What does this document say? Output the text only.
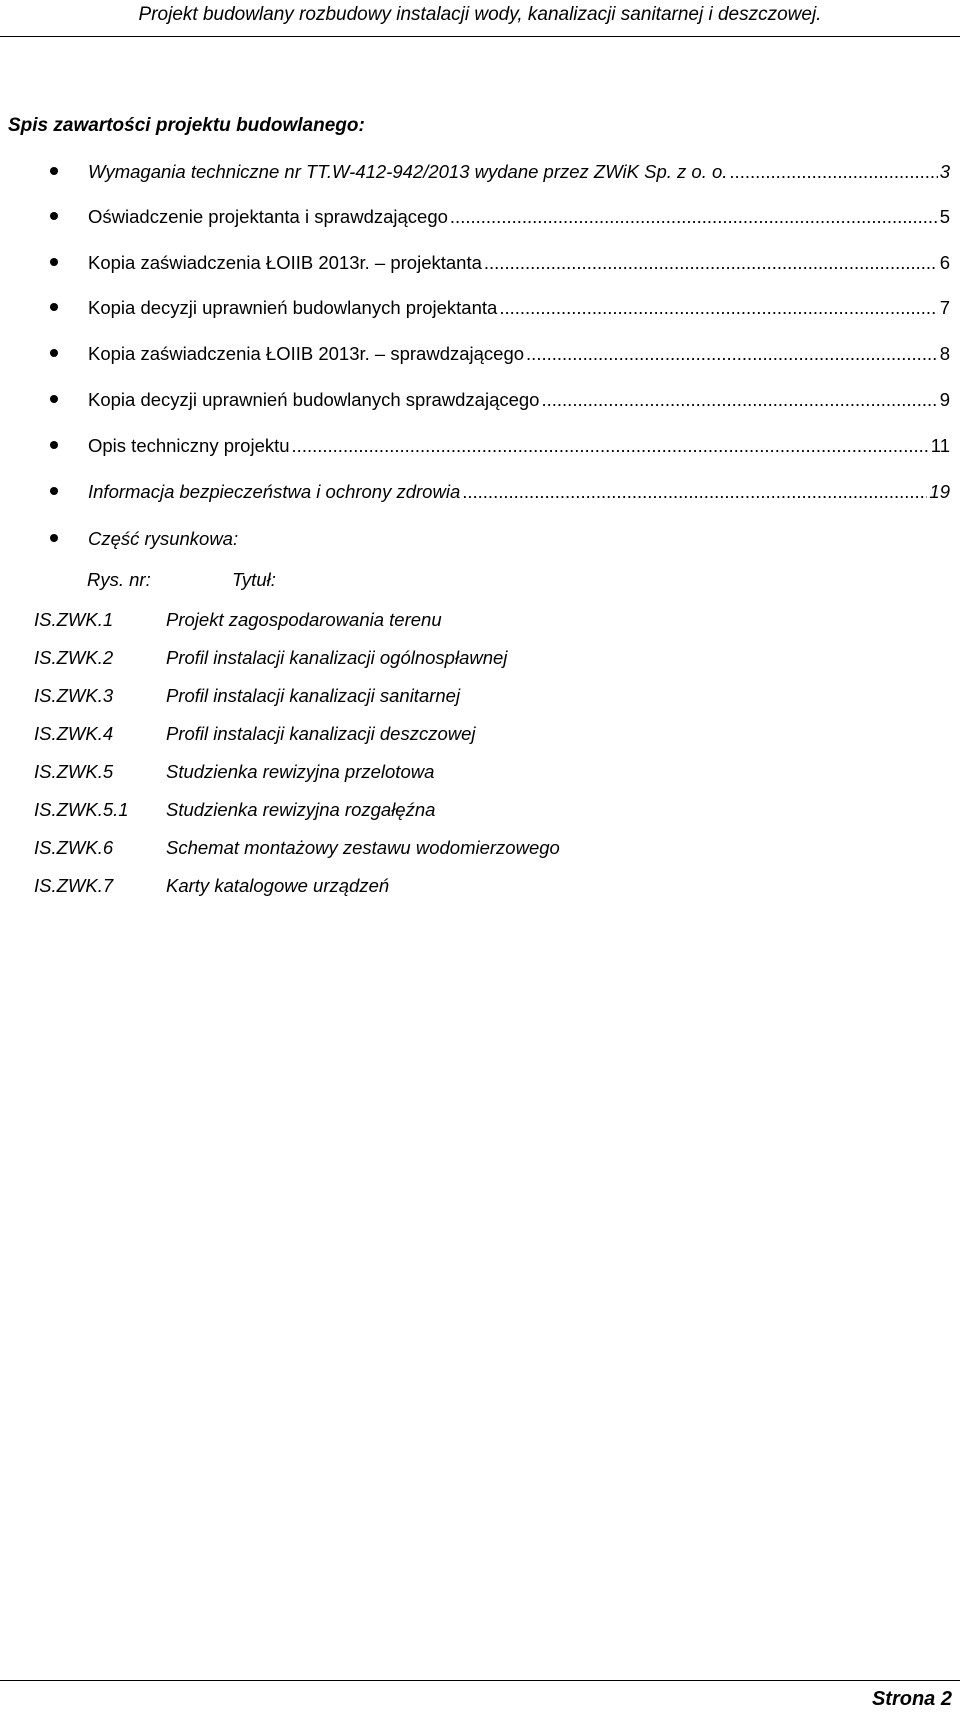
Projekt budowlany rozbudowy instalacji wody, kanalizacji sanitarnej i deszczowej.
Spis zawartości projektu budowlanego:
Wymagania techniczne nr TT.W-412-942/2013 wydane przez ZWiK Sp. z o. o. .....	3
Oświadczenie projektanta i sprawdzającego .....	5
Kopia zaświadczenia ŁOIIB 2013r. – projektanta .....	6
Kopia decyzji uprawnień budowlanych projektanta .....	7
Kopia zaświadczenia ŁOIIB 2013r. – sprawdzającego .....	8
Kopia decyzji uprawnień budowlanych sprawdzającego .....	9
Opis techniczny projektu .....	11
Informacja bezpieczeństwa i ochrony zdrowia .....	19
Część rysunkowa:
Rys. nr:	Tytuł:
IS.ZWK.1	Projekt zagospodarowania terenu
IS.ZWK.2	Profil instalacji kanalizacji ogólnospławnej
IS.ZWK.3	Profil instalacji kanalizacji sanitarnej
IS.ZWK.4	Profil instalacji kanalizacji deszczowej
IS.ZWK.5	Studzienka rewizyjna przelotowa
IS.ZWK.5.1 Studzienka rewizyjna rozgałęźna
IS.ZWK.6	Schemat montażowy zestawu wodomierzowego
IS.ZWK.7	Karty katalogowe urządzeń
Strona 2
